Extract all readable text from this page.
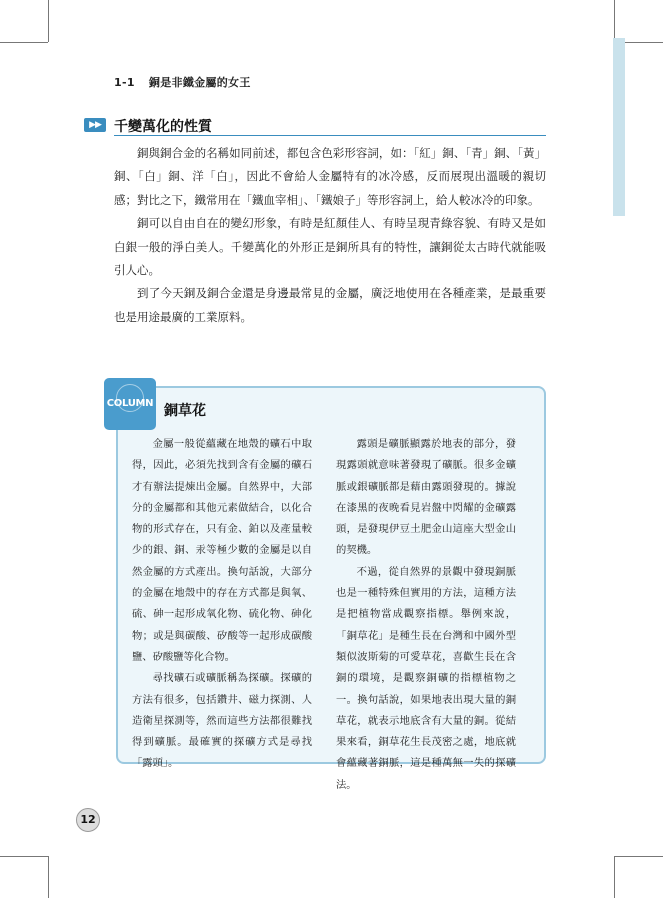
1-1 銅是非鐵金屬的女王
▶▶ 千變萬化的性質

銅與銅合金的名稱如同前述，都包含色彩形容詞，如：「紅」銅、「青」銅、「黃」銅、「白」銅、洋「白」，因此不會給人金屬特有的冰冷感，反而展現出溫暖的親切感；對比之下，鐵常用在「鐵血宰相」、「鐵娘子」等形容詞上，給人較冰冷的印象。

銅可以自由自在的變幻形象，有時是紅顏佳人、有時呈現青綠容貌、有時又是如白銀一般的淨白美人。千變萬化的外形正是銅所具有的特性，讓銅從太古時代就能吸引人心。

到了今天銅及銅合金還是身邊最常見的金屬，廣泛地使用在各種產業，是最重要也是用途最廣的工業原料。

COLUMN 銅草花

金屬一般從蘊藏在地殼的礦石中取得，因此，必須先找到含有金屬的礦石才有辦法提煉出金屬。自然界中，大部分的金屬都和其他元素做結合，以化合物的形式存在，只有金、鉑以及產量較少的銀、銅、汞等極少數的金屬是以自然金屬的方式產出。換句話說，大部分的金屬在地殼中的存在方式都是與氧、硫、砷一起形成氧化物、硫化物、砷化物；或是與碳酸、矽酸等一起形成碳酸鹽、矽酸鹽等化合物。

尋找礦石或礦脈稱為探礦。探礦的方法有很多，包括鑽井、磁力探測、人造衛星探測等，然而這些方法都很難找得到礦脈。最確實的探礦方式是尋找「露頭」。

露頭是礦脈顯露於地表的部分，發現露頭就意味著發現了礦脈。很多金礦脈或銀礦脈都是藉由露頭發現的。據說在漆黑的夜晚看見岩盤中閃耀的金礦露頭，是發現伊豆土肥金山這座大型金山的契機。

不過，從自然界的景觀中發現銅脈也是一種特殊但實用的方法，這種方法是把植物當成觀察指標。舉例來說，「銅草花」是種生長在台灣和中國外型類似波斯菊的可愛草花，喜歡生長在含銅的環境，是觀察銅礦的指標植物之一。換句話說，如果地表出現大量的銅草花，就表示地底含有大量的銅。從結果來看，銅草花生長茂密之處，地底就會蘊藏著銅脈，這是種萬無一失的探礦法。

12
